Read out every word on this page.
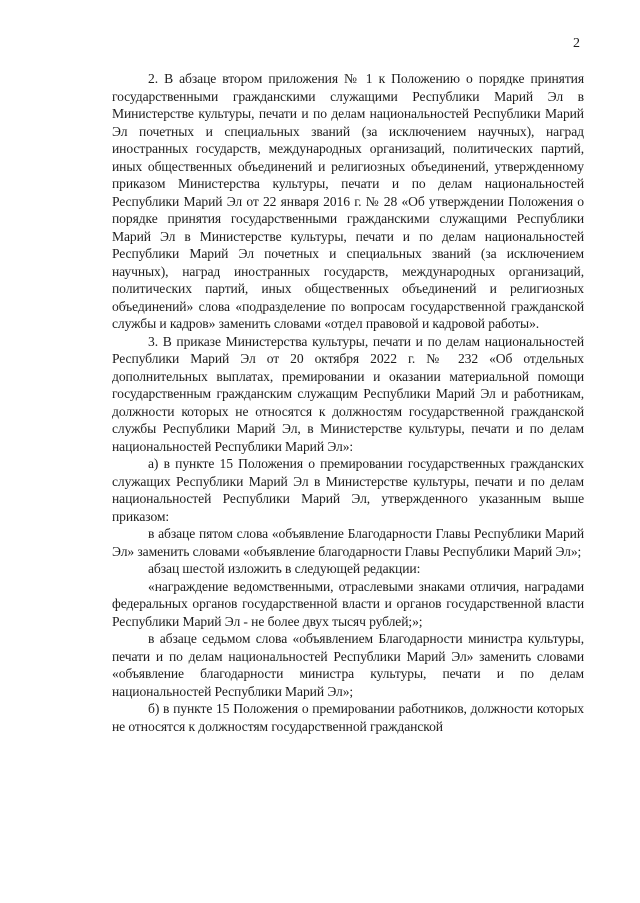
2

2. В абзаце втором приложения № 1 к Положению о порядке принятия государственными гражданскими служащими Республики Марий Эл в Министерстве культуры, печати и по делам национальностей Республики Марий Эл почетных и специальных званий (за исключением научных), наград иностранных государств, международных организаций, политических партий, иных общественных объединений и религиозных объединений, утвержденному приказом Министерства культуры, печати и по делам национальностей Республики Марий Эл от 22 января 2016 г. № 28 «Об утверждении Положения о порядке принятия государственными гражданскими служащими Республики Марий Эл в Министерстве культуры, печати и по делам национальностей Республики Марий Эл почетных и специальных званий (за исключением научных), наград иностранных государств, международных организаций, политических партий, иных общественных объединений и религиозных объединений» слова «подразделение по вопросам государственной гражданской службы и кадров» заменить словами «отдел правовой и кадровой работы».

3. В приказе Министерства культуры, печати и по делам национальностей Республики Марий Эл от 20 октября 2022 г. № 232 «Об отдельных дополнительных выплатах, премировании и оказании материальной помощи государственным гражданским служащим Республики Марий Эл и работникам, должности которых не относятся к должностям государственной гражданской службы Республики Марий Эл, в Министерстве культуры, печати и по делам национальностей Республики Марий Эл»:

а) в пункте 15 Положения о премировании государственных гражданских служащих Республики Марий Эл в Министерстве культуры, печати и по делам национальностей Республики Марий Эл, утвержденного указанным выше приказом:

в абзаце пятом слова «объявление Благодарности Главы Республики Марий Эл» заменить словами «объявление благодарности Главы Республики Марий Эл»;

абзац шестой изложить в следующей редакции:

«награждение ведомственными, отраслевыми знаками отличия, наградами федеральных органов государственной власти и органов государственной власти Республики Марий Эл - не более двух тысяч рублей;»;

в абзаце седьмом слова «объявлением Благодарности министра культуры, печати и по делам национальностей Республики Марий Эл» заменить словами «объявление благодарности министра культуры, печати и по делам национальностей Республики Марий Эл»;

б) в пункте 15 Положения о премировании работников, должности которых не относятся к должностям государственной гражданской
